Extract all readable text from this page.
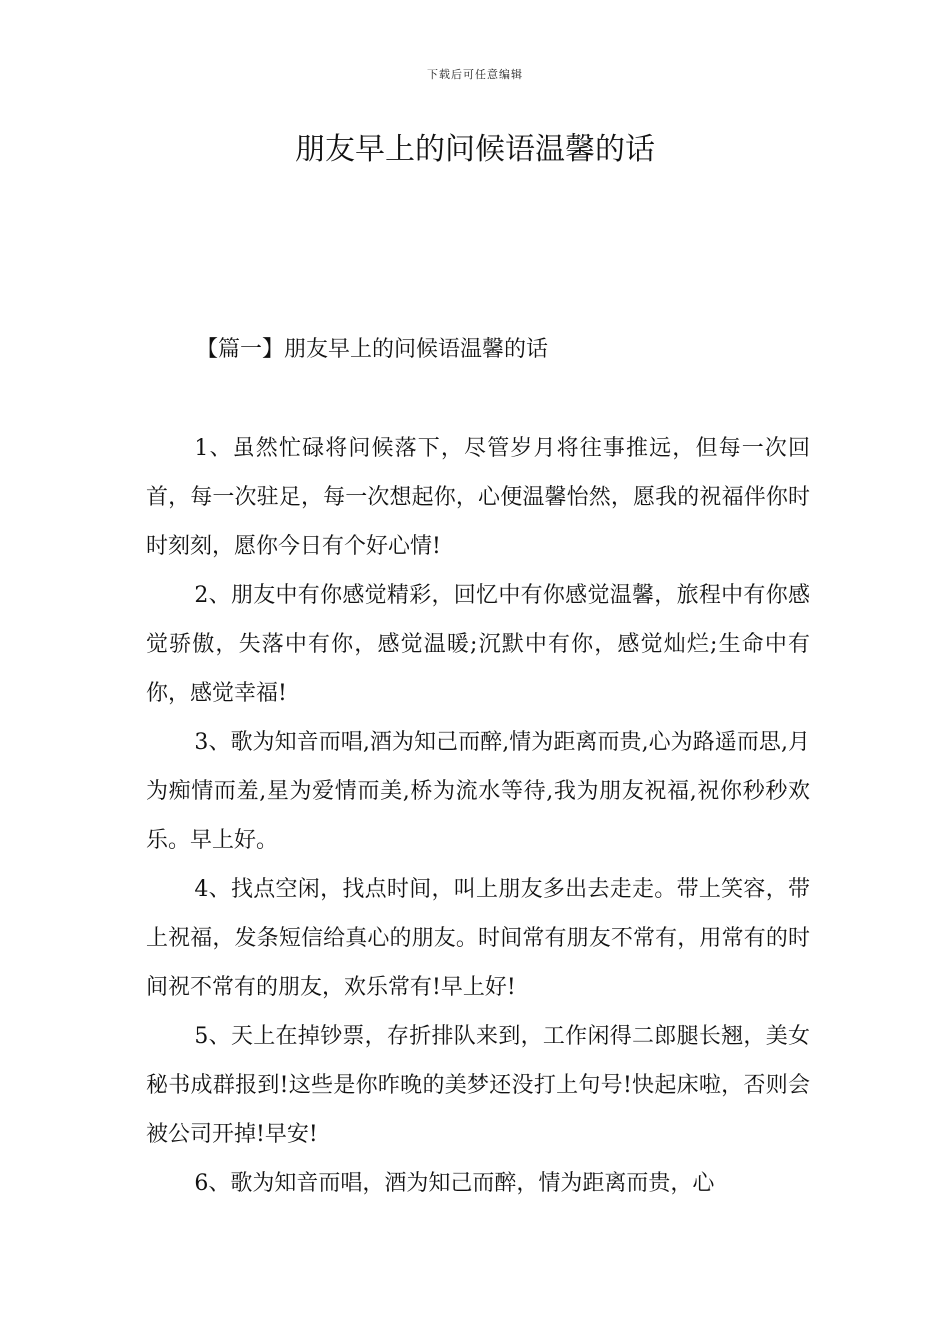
下载后可任意编辑
朋友早上的问候语温馨的话
【篇一】朋友早上的问候语温馨的话

1、虽然忙碌将问候落下，尽管岁月将往事推远，但每一次回首，每一次驻足，每一次想起你，心便温馨怡然，愿我的祝福伴你时时刻刻，愿你今日有个好心情!

2、朋友中有你感觉精彩，回忆中有你感觉温馨，旅程中有你感觉骄傲，失落中有你，感觉温暖;沉默中有你，感觉灿烂;生命中有你，感觉幸福!

3、歌为知音而唱,酒为知己而醉,情为距离而贵,心为路遥而思,月为痴情而羞,星为爱情而美,桥为流水等待,我为朋友祝福,祝你秒秒欢乐。早上好。

4、找点空闲，找点时间，叫上朋友多出去走走。带上笑容，带上祝福，发条短信给真心的朋友。时间常有朋友不常有，用常有的时间祝不常有的朋友，欢乐常有!早上好!

5、天上在掉钞票，存折排队来到，工作闲得二郎腿长翘，美女秘书成群报到!这些是你昨晚的美梦还没打上句号!快起床啦，否则会被公司开掉!早安!

6、歌为知音而唱，酒为知己而醉，情为距离而贵，心
